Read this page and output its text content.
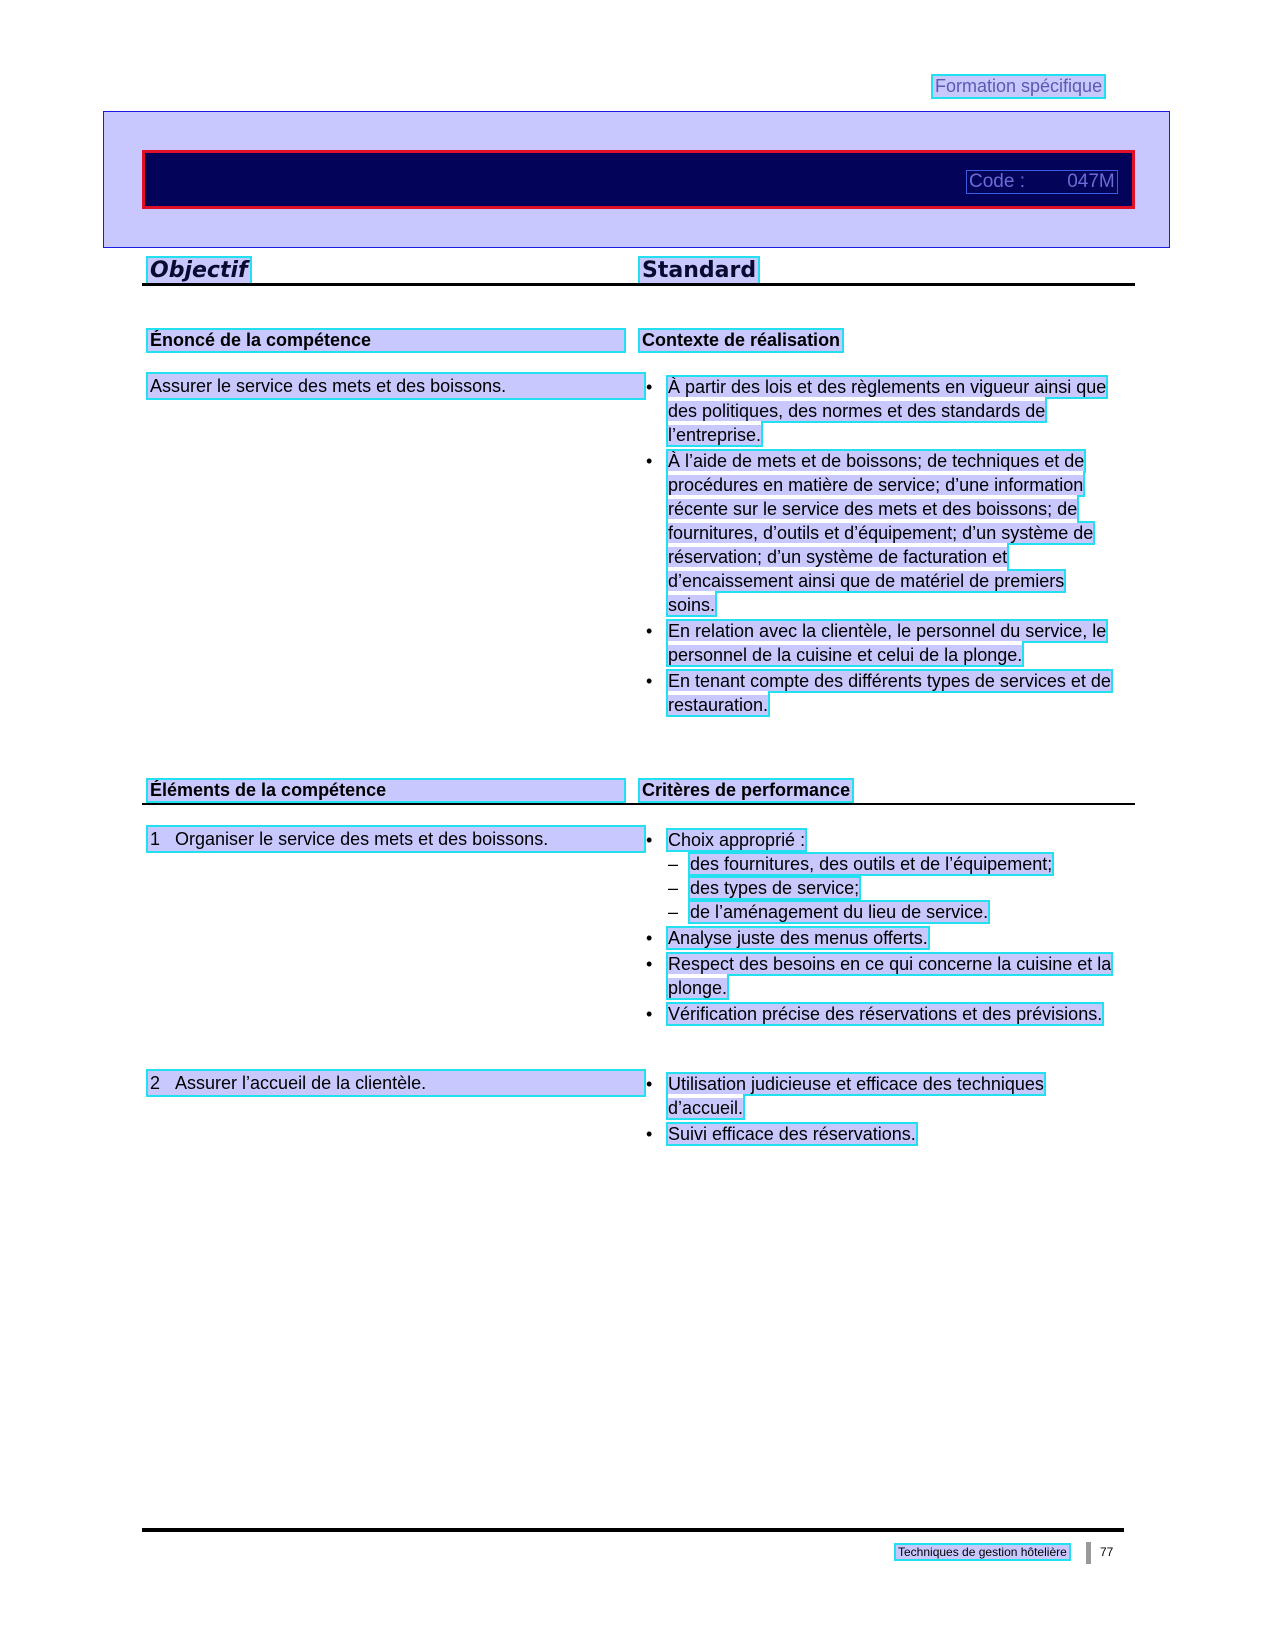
Formation spécifique
Code : 047M
Objectif	Standard
Énoncé de la compétence	Contexte de réalisation
Assurer le service des mets et des boissons.	• À partir des lois et des règlements en vigueur ainsi que des politiques, des normes et des standards de l’entreprise.
• À l’aide de mets et de boissons; de techniques et de procédures en matière de service; d’une information récente sur le service des mets et des boissons; de fournitures, d’outils et d’équipement; d’un système de réservation; d’un système de facturation et d’encaissement ainsi que de matériel de premiers soins.
• En relation avec la clientèle, le personnel du service, le personnel de la cuisine et celui de la plonge.
• En tenant compte des différents types de services et de restauration.
Éléments de la compétence	Critères de performance
1 Organiser le service des mets et des boissons.	• Choix approprié :
– des fournitures, des outils et de l’équipement;
– des types de service;
– de l’aménagement du lieu de service.
• Analyse juste des menus offerts.
• Respect des besoins en ce qui concerne la cuisine et la plonge.
• Vérification précise des réservations et des prévisions.
2 Assurer l’accueil de la clientèle.	• Utilisation judicieuse et efficace des techniques d’accueil.
• Suivi efficace des réservations.
Techniques de gestion hôtelière	77
